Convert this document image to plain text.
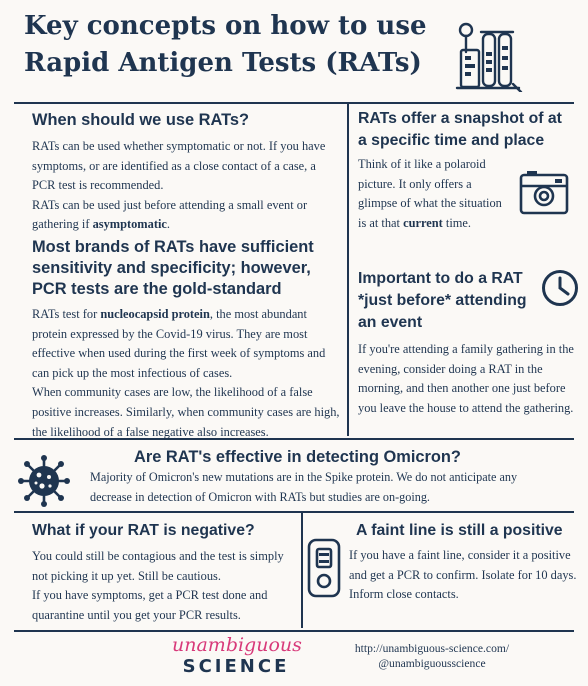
Key concepts on how to use
Rapid Antigen Tests (RATs)
When should we use RATs?

RATs can be used whether symptomatic or not. If you have symptoms, or are identified as a close contact of a case, a PCR test is recommended.

RATs can be used just before attending a small event or gathering if asymptomatic.

Most brands of RATs have sufficient sensitivity and specificity; however, PCR tests are the gold-standard

RATs test for nucleocapsid protein, the most abundant protein expressed by the Covid-19 virus. They are most effective when used during the first week of symptoms and can pick up the most infectious of cases.

When community cases are low, the likelihood of a false positive increases. Similarly, when community cases are high, the likelihood of a false negative also increases.

RATs offer a snapshot of at a specific time and place

Think of it like a polaroid picture. It only offers a glimpse of what the situation is at that current time.

Important to do a RAT *just before* attending an event

If you're attending a family gathering in the evening, consider doing a RAT in the morning, and then another one just before you leave the house to attend the gathering.

Are RAT's effective in detecting Omicron?

Majority of Omicron's new mutations are in the Spike protein. We do not anticipate any decrease in detection of Omicron with RATs but studies are on-going.

What if your RAT is negative?

You could still be contagious and the test is simply not picking it up yet. Still be cautious.

If you have symptoms, get a PCR test done and quarantine until you get your PCR results.

A faint line is still a positive

If you have a faint line, consider it a positive and get a PCR to confirm. Isolate for 10 days. Inform close contacts.

unambiguous
SCIENCE
http://unambiguous-science.com/
@unambiguousscience
